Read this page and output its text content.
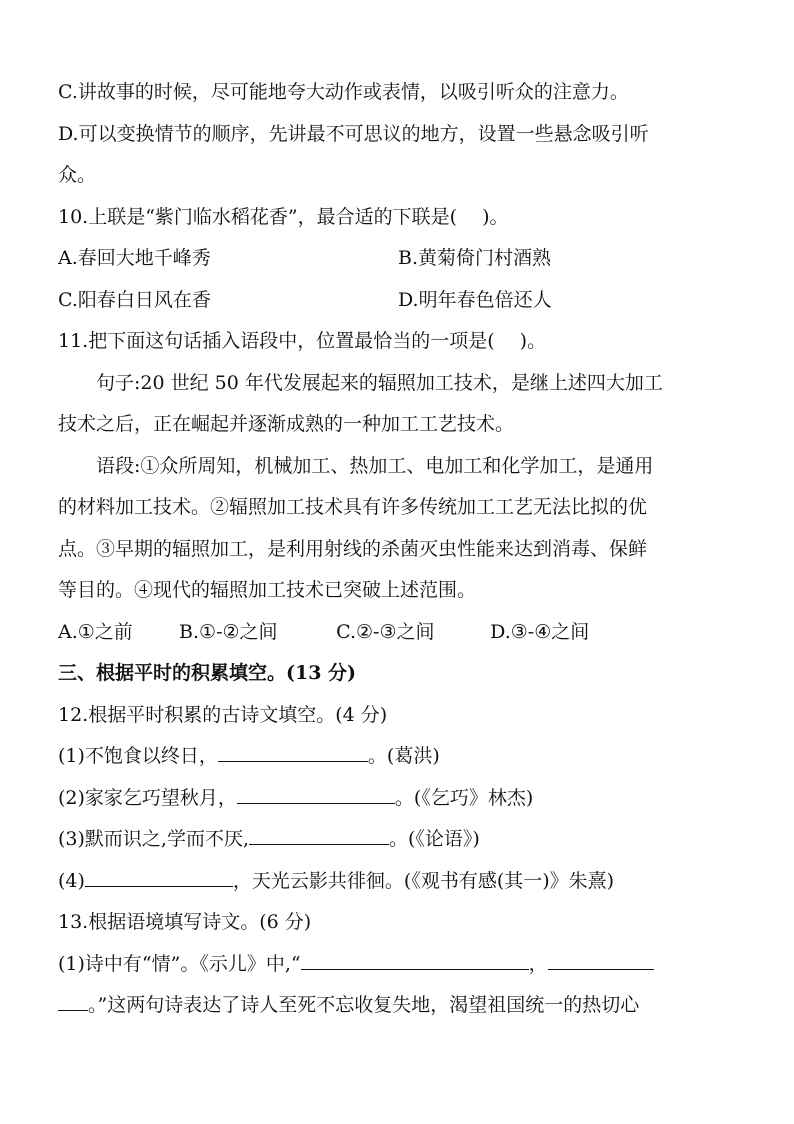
C.讲故事的时候，尽可能地夸大动作或表情，以吸引听众的注意力。
D.可以变换情节的顺序，先讲最不可思议的地方，设置一些悬念吸引听
众。
10.上联是“紫门临水稻花香”，最合适的下联是(　 )。
A.春回大地千峰秀	B.黄菊倚门村酒熟
C.阳春白日风在香	D.明年春色倍还人
11.把下面这句话插入语段中，位置最恰当的一项是(　 )。
句子:20 世纪 50 年代发展起来的辐照加工技术，是继上述四大加工
技术之后，正在崛起并逐渐成熟的一种加工工艺技术。
语段:①众所周知，机械加工、热加工、电加工和化学加工，是通用
的材料加工技术。②辐照加工技术具有许多传统加工工艺无法比拟的优
点。③早期的辐照加工，是利用射线的杀菌灭虫性能来达到消毒、保鲜
等目的。④现代的辐照加工技术已突破上述范围。
A.①之前 B.①-②之间	C.②-③之间	D.③-④之间
三、根据平时的积累填空。(13 分)
12.根据平时积累的古诗文填空。(4 分)
(1)不饱食以终日，	。(葛洪)
(2)家家乞巧望秋月，	。(《乞巧》林杰)
(3)默而识之,学而不厌,	。(《论语》)
(4)	，天光云影共徘徊。(《观书有感(其一)》朱熹)
13.根据语境填写诗文。(6 分)
(1)诗中有“情”。《示儿》中,“	，
。”这两句诗表达了诗人至死不忘收复失地，渴望祖国统一的热切心
